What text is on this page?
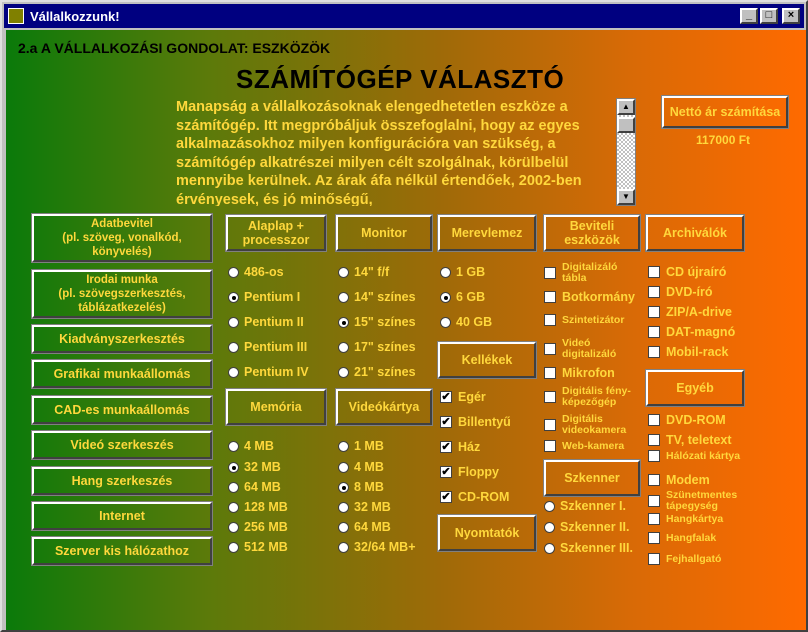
Vállalkozzunk!	_	□	×
2.a A VÁLLALKOZÁSI GONDOLAT: ESZKÖZÖK
SZÁMÍTÓGÉP VÁLASZTÓ
Manapság a vállalkozásoknak elengedhetetlen eszköze a számítógép. Itt megpróbáljuk összefoglalni, hogy az egyes alkalmazásokhoz milyen konfigurációra van szükség, a számítógép alkatrészei milyen célt szolgálnak, körülbelül mennyibe kerülnek. Az árak áfa nélkül értendőek, 2002-ben érvényesek, és jó minőségű,
▲
▼
Nettó ár számítása
117000 Ft
Adatbevitel
(pl. szöveg, vonalkód, könyvelés)
Irodai munka
(pl. szövegszerkesztés, táblázatkezelés)
Kiadványszerkesztés
Grafikai munkaállomás
CAD-es munkaállomás
Videó szerkeszés
Hang szerkeszés
Internet
Szerver kis hálózathoz
Alaplap + processzor	Monitor	Merevlemez	Beviteli eszközök	Archiválók
Memória	Videókártya
Kellékek
Egyéb
Szkenner
Nyomtatók
486-os
Pentium I
Pentium II
Pentium III
Pentium IV
14" f/f
14" színes
15" színes
17" színes
21" színes
1 GB
6 GB
40 GB
4 MB
32 MB
64 MB
128 MB
256 MB
512 MB
1 MB
4 MB
8 MB
32 MB
64 MB
32/64 MB+
✔ Egér
✔ Billentyű
✔ Ház
✔ Floppy
✔ CD-ROM
Digitalizáló tábla
Botkormány
Szintetizátor
Videó digitalizáló
Mikrofon
Digitális fény-képezőgép
Digitális videokamera
Web-kamera
Szkenner I.
Szkenner II.
Szkenner III.
CD újraíró
DVD-író
ZIP/A-drive
DAT-magnó
Mobil-rack
DVD-ROM
TV, teletext
Hálózati kártya
Modem
Szünetmentes tápegység
Hangkártya
Hangfalak
Fejhallgató
